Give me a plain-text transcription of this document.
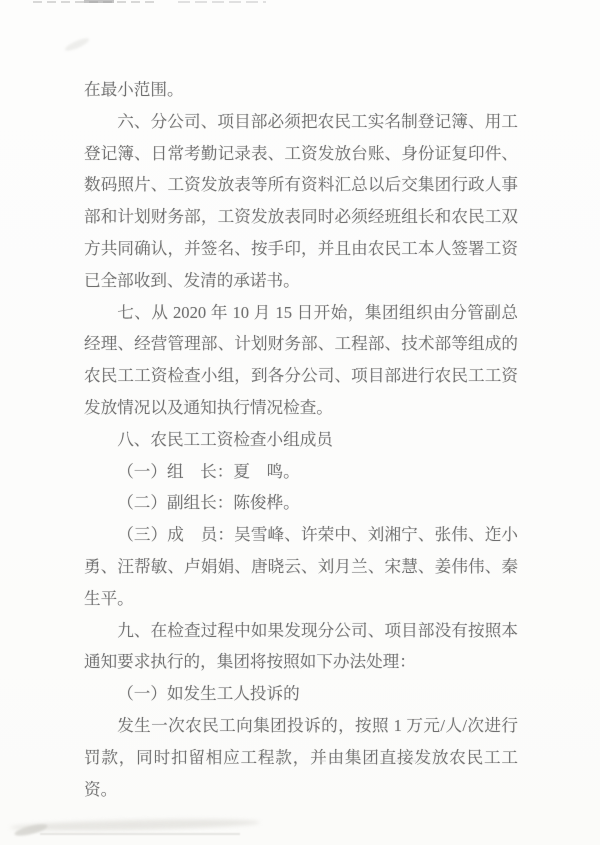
在最小范围。

六、分公司、项目部必须把农民工实名制登记簿、用工登记簿、日常考勤记录表、工资发放台账、身份证复印件、数码照片、工资发放表等所有资料汇总以后交集团行政人事部和计划财务部，工资发放表同时必须经班组长和农民工双方共同确认，并签名、按手印，并且由农民工本人签署工资已全部收到、发清的承诺书。

七、从 2020 年 10 月 15 日开始，集团组织由分管副总经理、经营管理部、计划财务部、工程部、技术部等组成的农民工工资检查小组，到各分公司、项目部进行农民工工资发放情况以及通知执行情况检查。

八、农民工工资检查小组成员

（一）组　长：夏　鸣。

（二）副组长：陈俊桦。

（三）成　员：吴雪峰、许荣中、刘湘宁、张伟、迮小勇、汪帮敏、卢娟娟、唐晓云、刘月兰、宋慧、姜伟伟、秦生平。

九、在检查过程中如果发现分公司、项目部没有按照本通知要求执行的，集团将按照如下办法处理：

（一）如发生工人投诉的

发生一次农民工向集团投诉的，按照 1 万元/人/次进行罚款，同时扣留相应工程款，并由集团直接发放农民工工资。
